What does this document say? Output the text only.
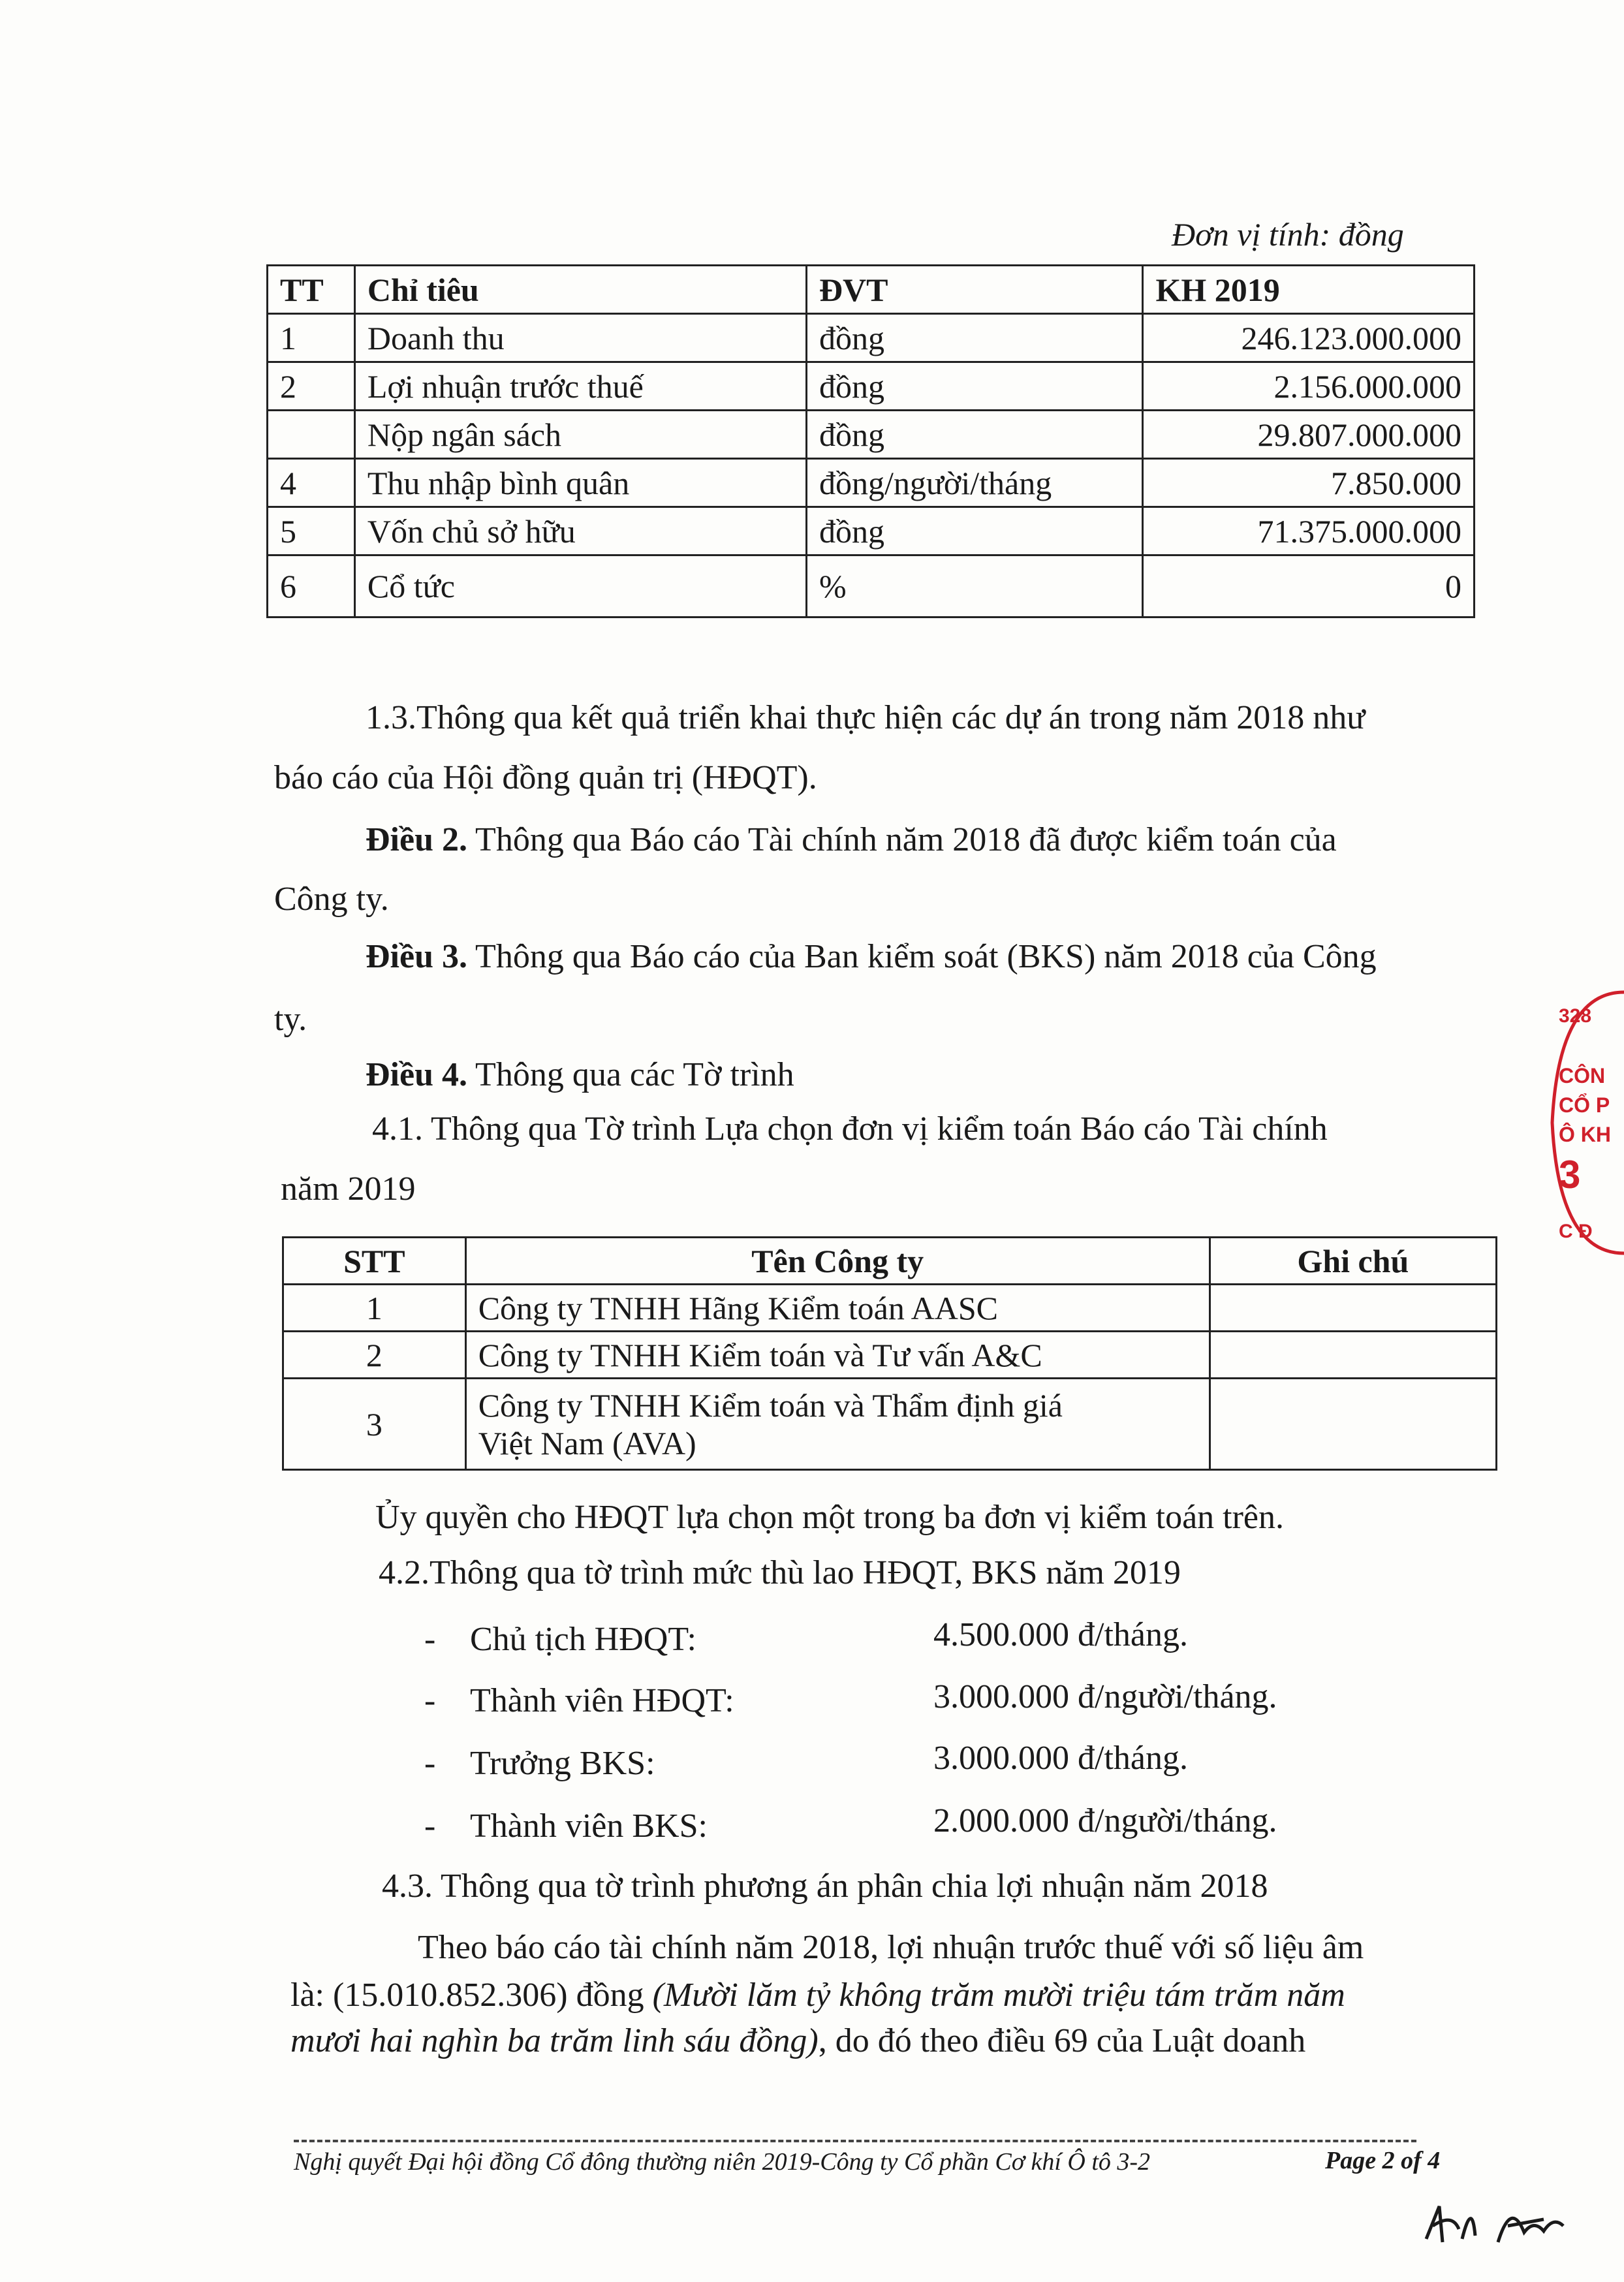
Đơn vị tính: đồng
TT	Chỉ tiêu	ĐVT	KH 2019
1	Doanh thu	đồng	246.123.000.000
2	Lợi nhuận trước thuế	đồng	2.156.000.000
	Nộp ngân sách	đồng	29.807.000.000
4	Thu nhập bình quân	đồng/người/tháng	7.850.000
5	Vốn chủ sở hữu	đồng	71.375.000.000
6	Cổ tức	%	0
1.3.Thông qua kết quả triển khai thực hiện các dự án trong năm 2018 như
báo cáo của Hội đồng quản trị (HĐQT).
Điều 2. Thông qua Báo cáo Tài chính năm 2018 đã được kiểm toán của
Công ty.
Điều 3. Thông qua Báo cáo của Ban kiểm soát (BKS) năm 2018 của Công
ty.
Điều 4. Thông qua các Tờ trình
4.1. Thông qua Tờ trình Lựa chọn đơn vị kiểm toán Báo cáo Tài chính
năm 2019
STT	Tên Công ty	Ghi chú
1	Công ty TNHH Hãng Kiểm toán AASC	
2	Công ty TNHH Kiểm toán và Tư vấn A&C	
3	Công ty TNHH Kiểm toán và Thẩm định giá
Việt Nam (AVA)	

Ủy quyền cho HĐQT lựa chọn một trong ba đơn vị kiểm toán trên.
4.2.Thông qua tờ trình mức thù lao HĐQT, BKS năm 2019
- Chủ tịch HĐQT:	4.500.000 đ/tháng.
- Thành viên HĐQT:	3.000.000 đ/người/tháng.
- Trưởng BKS:	3.000.000 đ/tháng.
- Thành viên BKS:	2.000.000 đ/người/tháng.
4.3. Thông qua tờ trình phương án phân chia lợi nhuận năm 2018
Theo báo cáo tài chính năm 2018, lợi nhuận trước thuế với số liệu âm
là: (15.010.852.306) đồng (Mười lăm tỷ không trăm mười triệu tám trăm năm
mươi hai nghìn ba trăm linh sáu đồng), do đó theo điều 69 của Luật doanh
Nghị quyết Đại hội đồng Cổ đông thường niên 2019-Công ty Cổ phần Cơ khí Ô tô 3-2	Page 2 of 4
328
CÔN
CỔ P
Ô KH
3
C Đ
